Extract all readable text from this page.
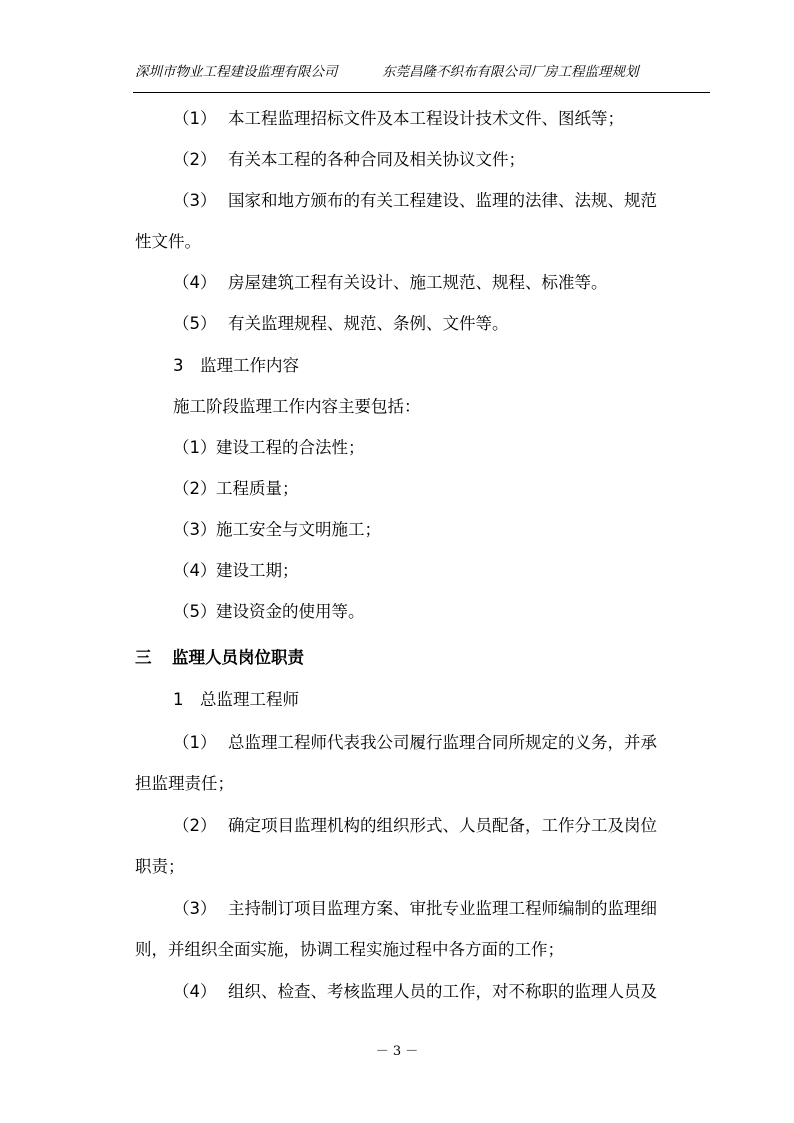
深圳市物业工程建设监理有限公司	东莞昌隆不织布有限公司厂房工程监理规划
（1） 本工程监理招标文件及本工程设计技术文件、图纸等；
（2） 有关本工程的各种合同及相关协议文件；
（3） 国家和地方颁布的有关工程建设、监理的法律、法规、规范
性文件。
（4） 房屋建筑工程有关设计、施工规范、规程、标准等。
（5） 有关监理规程、规范、条例、文件等。
3 监理工作内容
施工阶段监理工作内容主要包括：
（1）建设工程的合法性；
（2）工程质量；
（3）施工安全与文明施工；
（4）建设工期；
（5）建设资金的使用等。
三 监理人员岗位职责
1 总监理工程师
（1） 总监理工程师代表我公司履行监理合同所规定的义务，并承
担监理责任；
（2） 确定项目监理机构的组织形式、人员配备，工作分工及岗位
职责；
（3） 主持制订项目监理方案、审批专业监理工程师编制的监理细
则，并组织全面实施，协调工程实施过程中各方面的工作；
（4） 组织、检查、考核监理人员的工作，对不称职的监理人员及
－ 3 －
